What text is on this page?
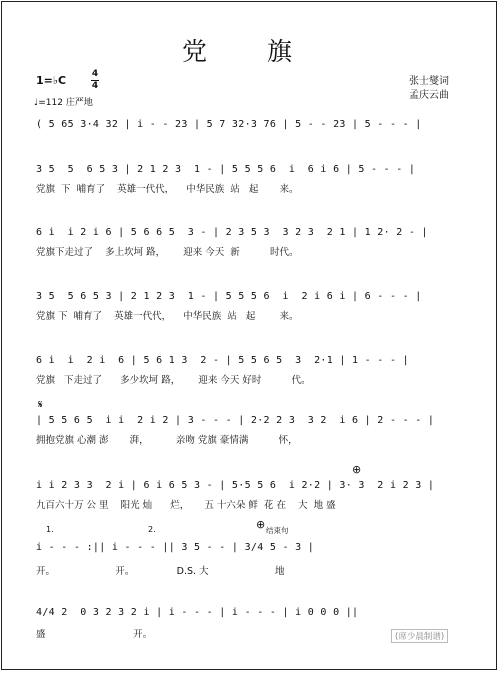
党 旗
1=♭C	4
4
♩=112 庄严地
张士燮词
孟庆云曲
( 5 65 3·4 32 | i - - 23 | 5 7 32·3 76 | 5 - - 23 | 5 - - - |
3 5  5  6 5 3 | 2 1 2 3  1 - | 5 5 5 6  i  6 i 6 | 5 - - - |
党旗  下  哺育了    英雄一代代，    中华民族  站   起       来。
6 i  i 2 i 6 | 5 6 6 5  3 - | 2 3 5 3  3 2 3  2 1 | 1 2· 2 - |
党旗下走过了    多上坎坷 路，      迎来 今天  新          时代。
3 5  5 6 5 3 | 2 1 2 3  1 - | 5 5 5 6  i  2 i 6 i | 6 - - - |
党旗 下  哺育了    英雄一代代，    中华民族  站   起        来。
6 i  i  2 i  6 | 5 6 1 3  2 - | 5 5 6 5  3  2·1 | 1 - - - |
党旗   下走过了      多少坎坷 路，      迎来 今天 好时          代。
𝄋
| 5 5 6 5  i i  2 i 2 | 3 - - - | 2·2 2 3  3 2  i 6 | 2 - - - |
拥抱党旗 心潮 澎       湃，         亲吻 党旗 豪情满          怀，
⊕
i i 2 3 3  2 i | 6 i 6 5 3 - | 5·5 5 6  i 2·2 | 3· 3  2 i 2 3 |
九百六十万 公 里    阳光 灿      烂，     五 十六朵 鲜  花 在    大  地 盛
1.	2.	⊕ 结束句
i - - - :|| i - - - || 3 5 - - | 3/4 5 - 3 |
开。                    开。              D.S. 大                      地
4/4 2  0 3 2 3 2 i | i - - - | i - - - | i 0 0 0 ||
盛                             开。	(席少晨制谱)
